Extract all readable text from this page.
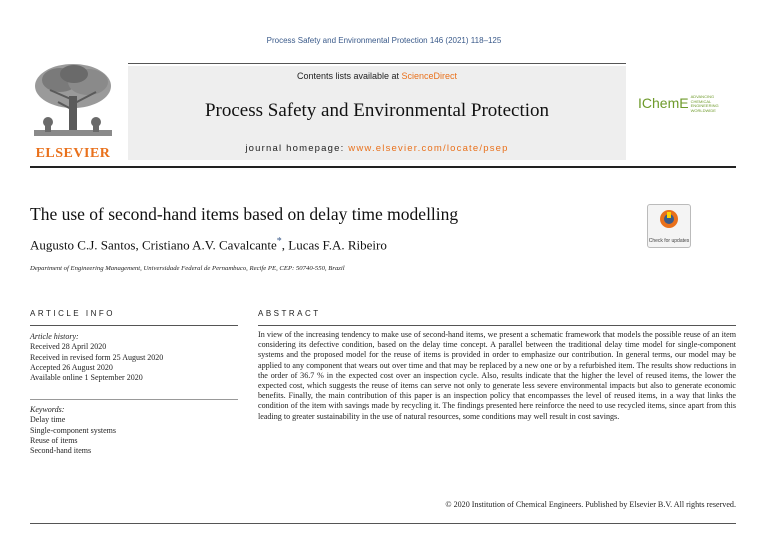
Process Safety and Environmental Protection 146 (2021) 118–125
ELSEVIER
Contents lists available at ScienceDirect
Process Safety and Environmental Protection
journal homepage: www.elsevier.com/locate/psep
IChemE ADVANCING CHEMICAL ENGINEERING WORLDWIDE
The use of second-hand items based on delay time modelling
Augusto C.J. Santos, Cristiano A.V. Cavalcante*, Lucas F.A. Ribeiro
Department of Engineering Management, Universidade Federal de Pernambuco, Recife PE, CEP: 50740-550, Brazil
Check for updates
ARTICLE INFO	ABSTRACT
Article history:
Received 28 April 2020
Received in revised form 25 August 2020
Accepted 26 August 2020
Available online 1 September 2020
Keywords:
Delay time
Single-component systems
Reuse of items
Second-hand items
In view of the increasing tendency to make use of second-hand items, we present a schematic framework that models the possible reuse of an item considering its defective condition, based on the delay time concept. A parallel between the traditional delay time model for single-component systems and the proposed model for the reuse of items is provided in order to emphasize our contribution. In general terms, our model may be applied to any component that wears out over time and that may be replaced by a new one or by a refurbished item. The results show reductions in the order of 36.7 % in the expected cost over an inspection cycle. Also, results indicate that the higher the level of reused items, the lower the expected cost, which suggests the reuse of items can serve not only to generate less severe environmental impacts but also to generate economic benefits. Finally, the main contribution of this paper is an inspection policy that encompasses the level of reused items, in a way that links the condition of the item with savings made by recycling it. The findings presented here reinforce the need to use recycled items, since apart from this leading to greater sustainability in the use of natural resources, some conditions may well result in cost savings.
© 2020 Institution of Chemical Engineers. Published by Elsevier B.V. All rights reserved.
